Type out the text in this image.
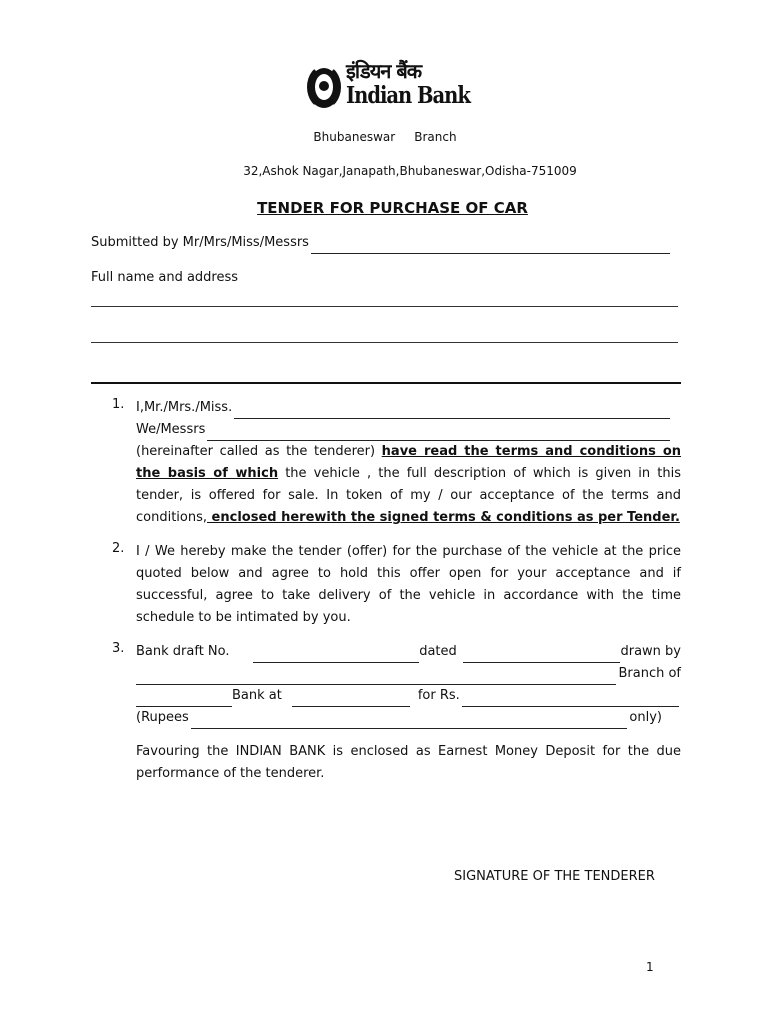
इंडियन बैंक
Indian Bank
Bhubaneswar     Branch
32,Ashok Nagar,Janapath,Bhubaneswar,Odisha-751009
TENDER FOR PURCHASE OF CAR
Submitted by Mr/Mrs/Miss/Messrs
Full name and address
1. I,Mr./Mrs./Miss.
We/Messrs
(hereinafter called as the tenderer) have read the terms and conditions on the basis of which the vehicle , the full description of which is given in this tender, is offered for sale. In token of my / our acceptance of the terms and conditions, enclosed herewith the signed terms & conditions as per Tender.
2. I / We hereby make the tender (offer) for the purchase of the vehicle at the price quoted below and agree to hold this offer open for your acceptance and if successful, agree to take delivery of the vehicle in accordance with the time schedule to be intimated by you.
3. Bank draft No.	dated	drawn by
Branch of
Bank at	for Rs.
(Rupees	only)
Favouring the INDIAN BANK is enclosed as Earnest Money Deposit for the due performance of the tenderer.
SIGNATURE OF THE TENDERER
1
